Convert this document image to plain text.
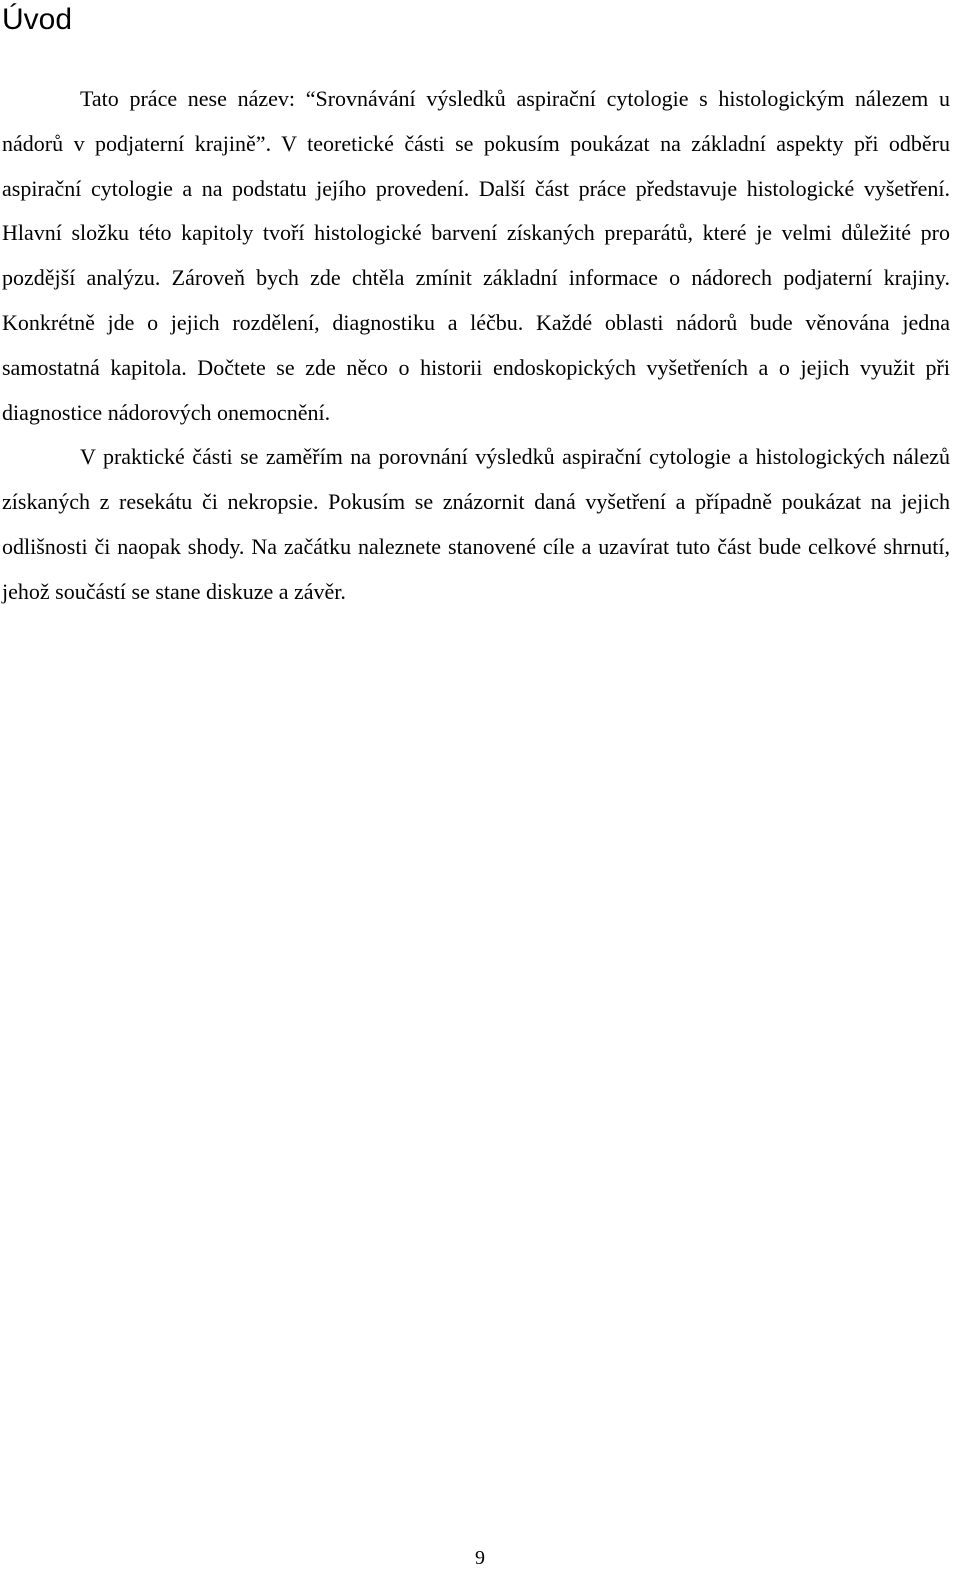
Úvod

Tato práce nese název: “Srovnávání výsledků aspirační cytologie s histologickým nálezem u nádorů v podjaterní krajině”. V teoretické části se pokusím poukázat na základní aspekty při odběru aspirační cytologie a na podstatu jejího provedení. Další část práce představuje histologické vyšetření. Hlavní složku této kapitoly tvoří histologické barvení získaných preparátů, které je velmi důležité pro pozdější analýzu. Zároveň bych zde chtěla zmínit základní informace o nádorech podjaterní krajiny. Konkrétně jde o jejich rozdělení, diagnostiku a léčbu. Každé oblasti nádorů bude věnována jedna samostatná kapitola. Dočtete se zde něco o historii endoskopických vyšetřeních a o jejich využit při diagnostice nádorových onemocnění.

V praktické části se zaměřím na porovnání výsledků aspirační cytologie a histologických nálezů získaných z resekátu či nekropsie. Pokusím se znázornit daná vyšetření a případně poukázat na jejich odlišnosti či naopak shody. Na začátku naleznete stanovené cíle a uzavírat tuto část bude celkové shrnutí, jehož součástí se stane diskuze a závěr.

9
